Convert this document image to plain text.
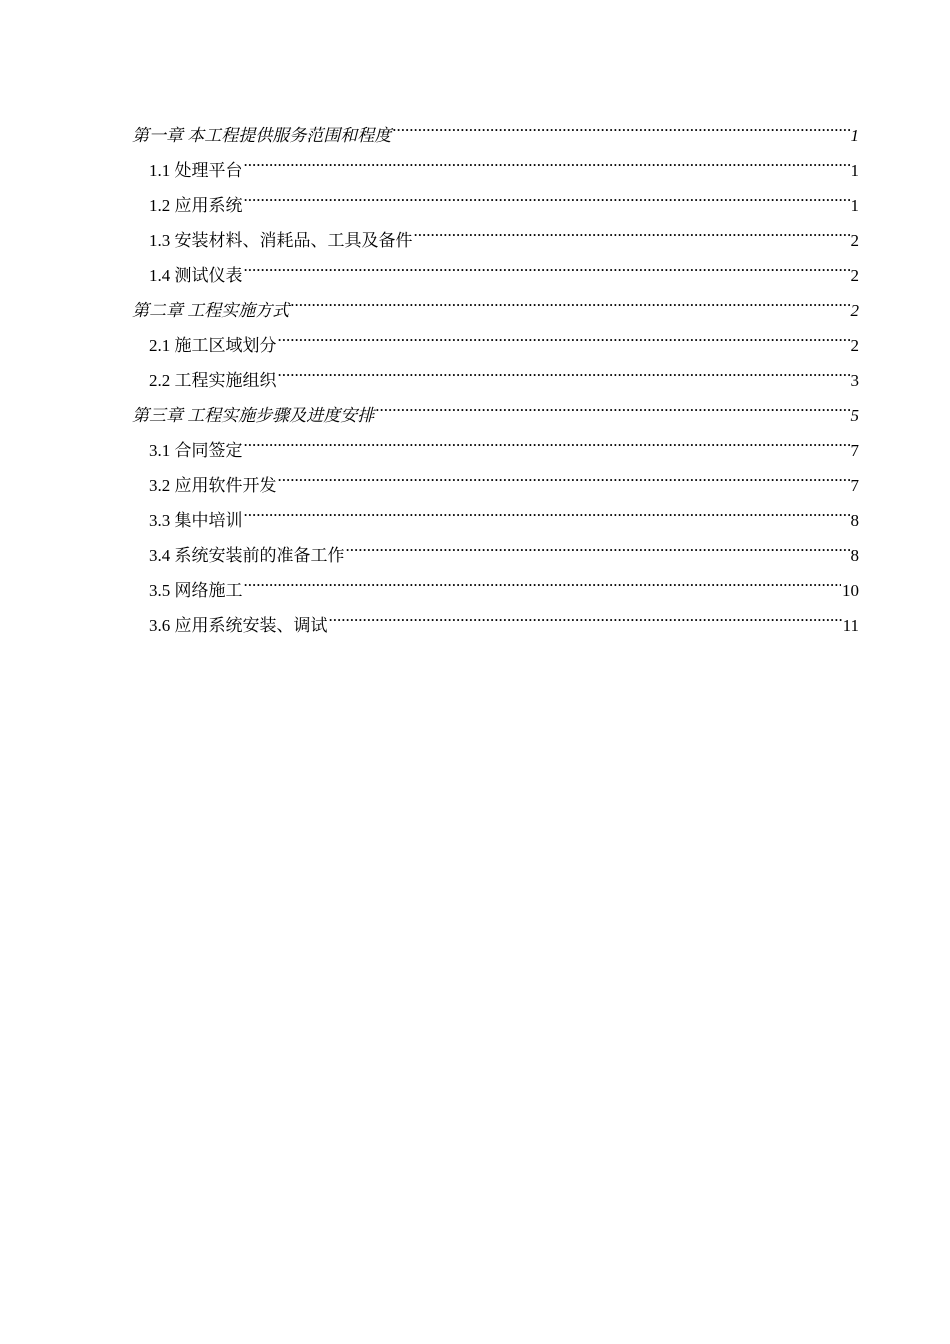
第一章 本工程提供服务范围和程度 .....	1
1.1 处理平台 .....	1
1.2 应用系统 .....	1
1.3 安装材料、消耗品、工具及备件 .....	2
1.4 测试仪表 .....	2
第二章 工程实施方式 .....	2
2.1 施工区域划分 .....	2
2.2 工程实施组织 .....	3
第三章 工程实施步骤及进度安排 .....	5
3.1 合同签定 .....	7
3.2 应用软件开发 .....	7
3.3 集中培训 .....	8
3.4 系统安装前的准备工作 .....	8
3.5 网络施工 .....	10
3.6 应用系统安装、调试 .....	11
